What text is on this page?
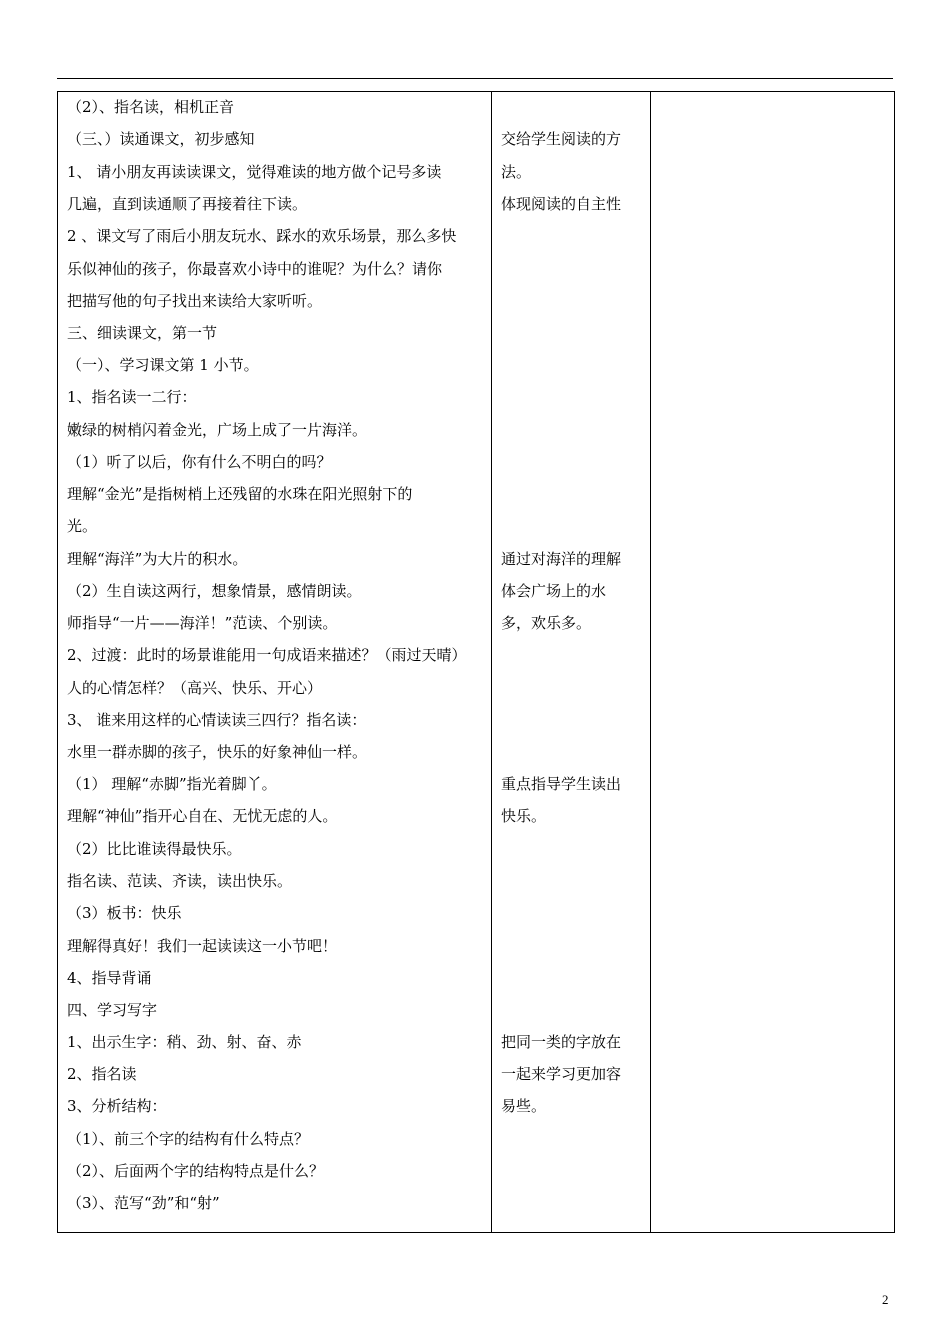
（2）、指名读，相机正音
（三、）读通课文，初步感知
1、 请小朋友再读读课文，觉得难读的地方做个记号多读
几遍，直到读通顺了再接着往下读。
2 、课文写了雨后小朋友玩水、踩水的欢乐场景，那么多快
乐似神仙的孩子，你最喜欢小诗中的谁呢？为什么？请你
把描写他的句子找出来读给大家听听。
三、细读课文，第一节
（一）、学习课文第 1 小节。
1、指名读一二行：
嫩绿的树梢闪着金光，广场上成了一片海洋。
（1）听了以后，你有什么不明白的吗？
理解“金光”是指树梢上还残留的水珠在阳光照射下的
光。
理解“海洋”为大片的积水。
（2）生自读这两行，想象情景，感情朗读。
师指导“一片——海洋！”范读、个别读。
2、过渡：此时的场景谁能用一句成语来描述？（雨过天晴）
人的心情怎样？（高兴、快乐、开心）
3、 谁来用这样的心情读读三四行？指名读：
水里一群赤脚的孩子，快乐的好象神仙一样。
（1） 理解“赤脚”指光着脚丫。
理解“神仙”指开心自在、无忧无虑的人。
（2）比比谁读得最快乐。
指名读、范读、齐读，读出快乐。
（3）板书：快乐
理解得真好！我们一起读读这一小节吧！
4、指导背诵
四、学习写字
1、出示生字：稍、劲、射、奋、赤
2、指名读
3、分析结构：
（1）、前三个字的结构有什么特点？
（2）、后面两个字的结构特点是什么？
（3）、范写“劲”和“射”
交给学生阅读的方
法。
体现阅读的自主性
通过对海洋的理解
体会广场上的水
多，欢乐多。
重点指导学生读出
快乐。
把同一类的字放在
一起来学习更加容
易些。
2
